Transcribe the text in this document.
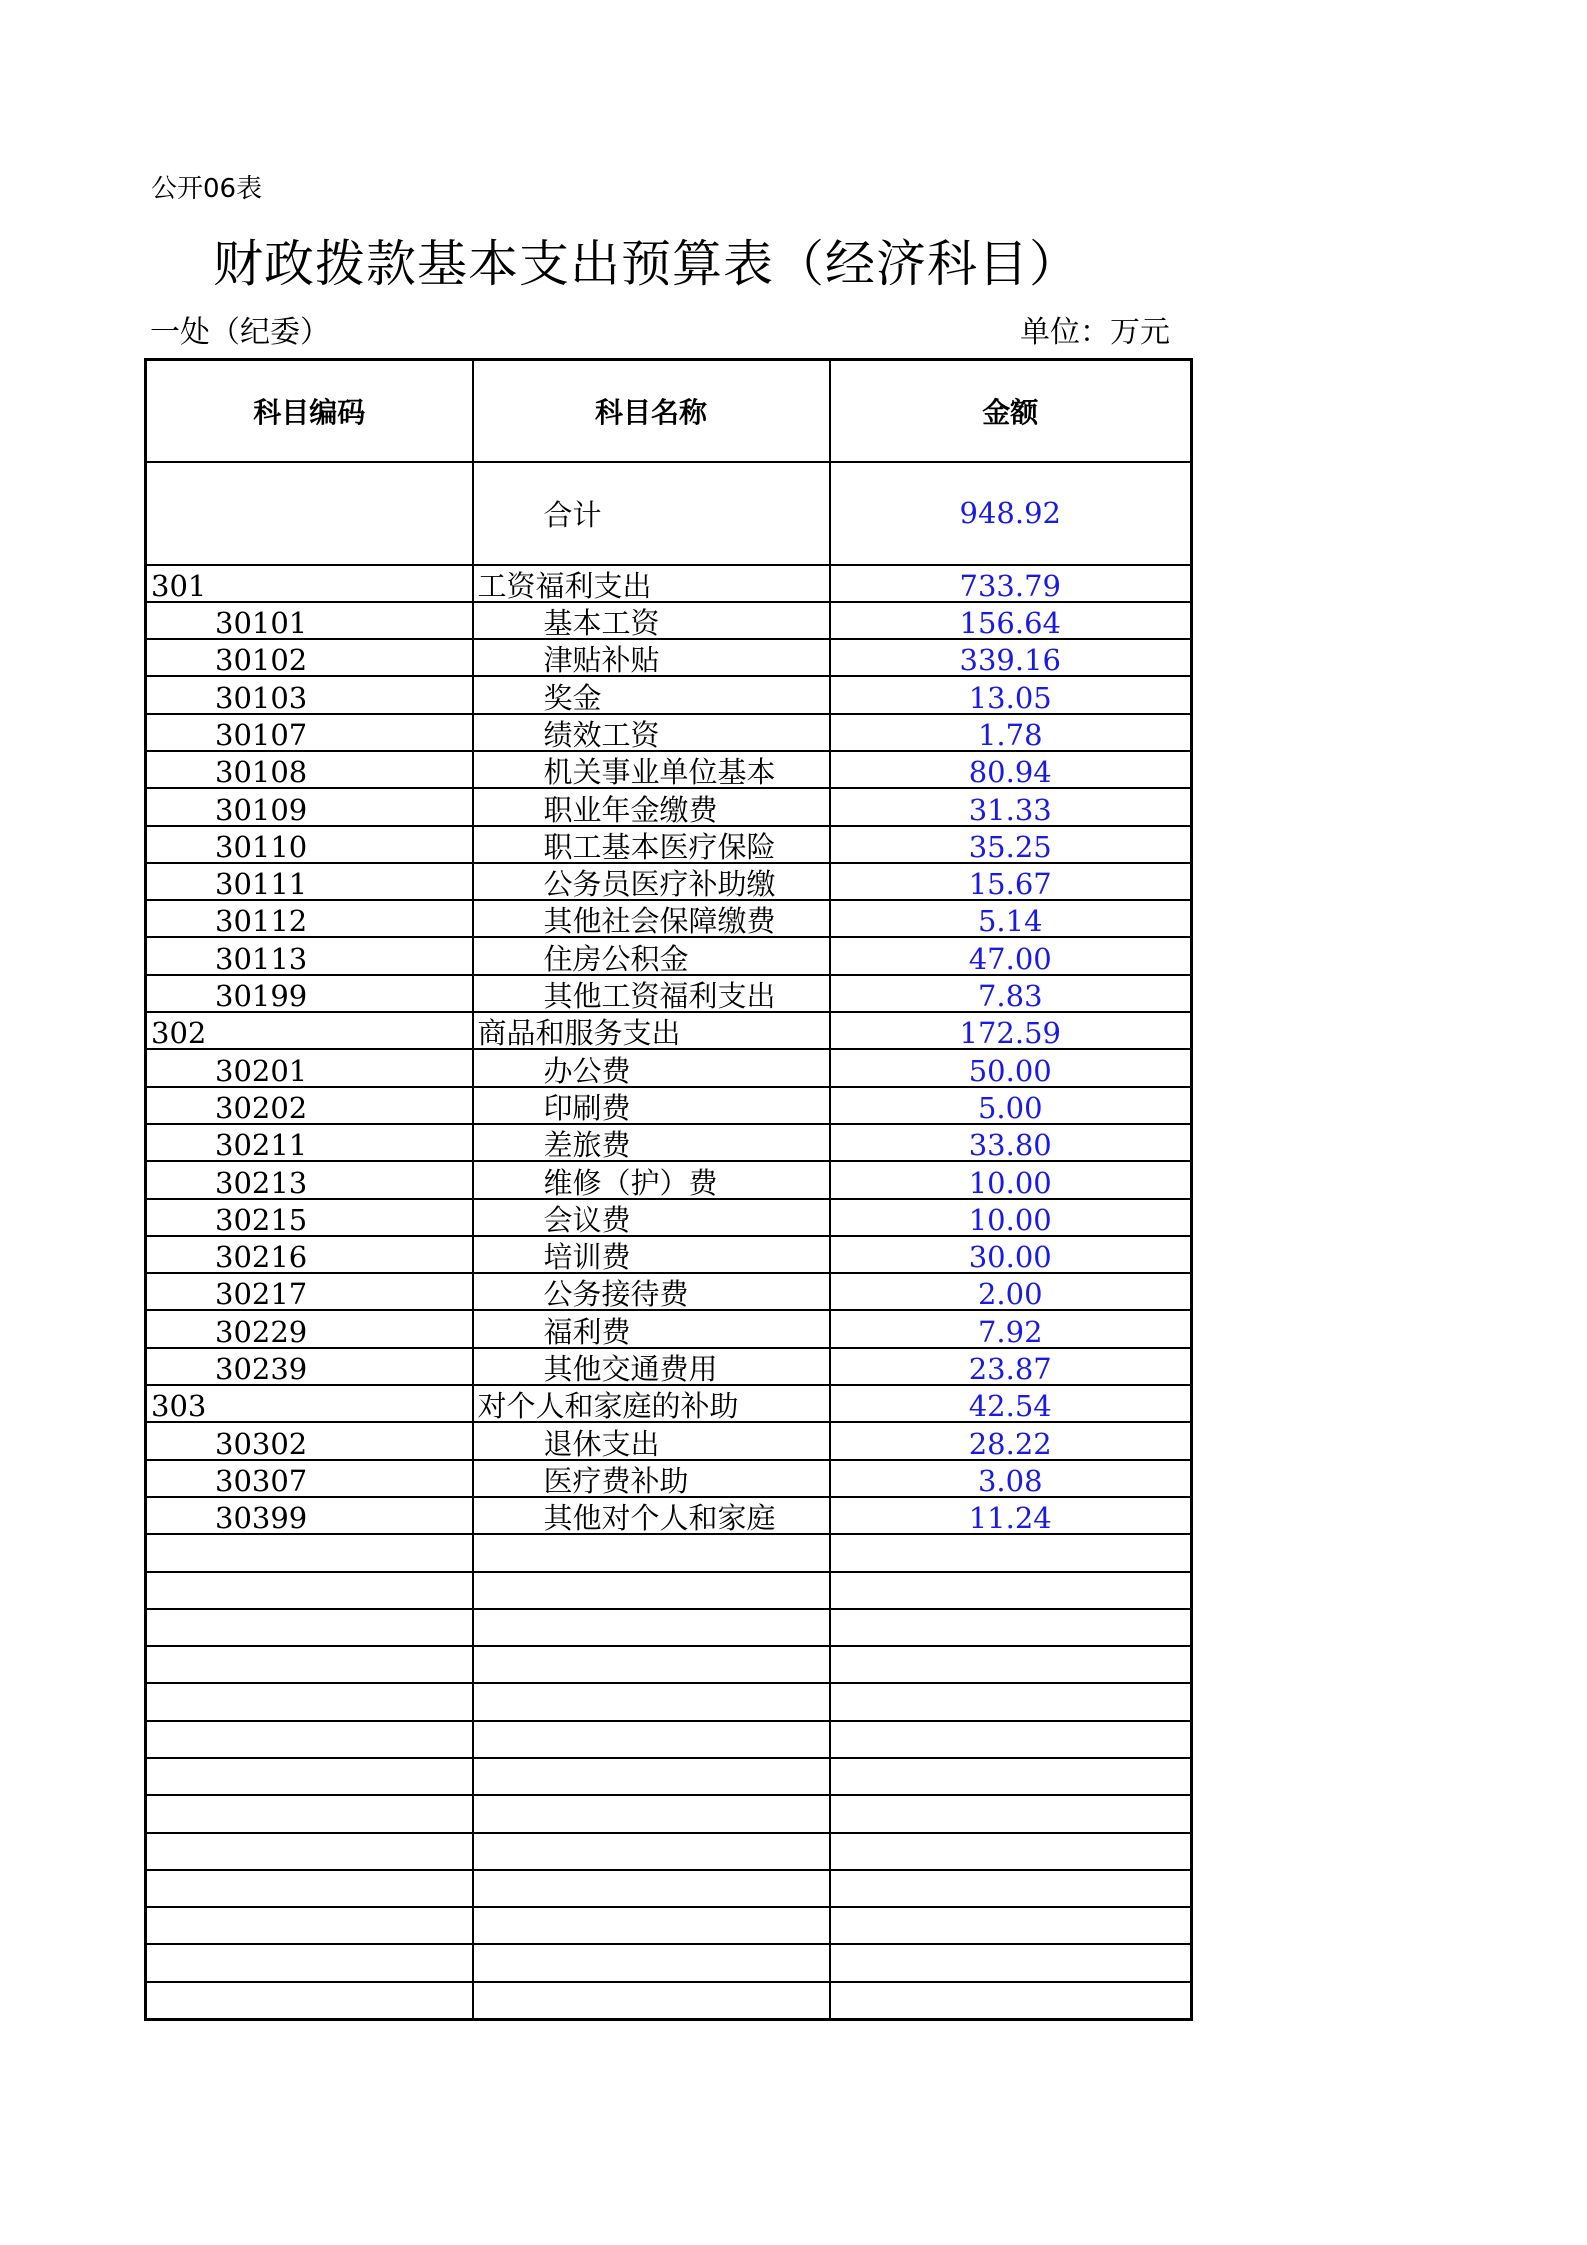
公开06表
财政拨款基本支出预算表（经济科目）
一处（纪委）	单位：万元
科目编码	科目名称	金额
	合计	948.92
301	工资福利支出	733.79
30101	基本工资	156.64
30102	津贴补贴	339.16
30103	奖金	13.05
30107	绩效工资	1.78
30108	机关事业单位基本	80.94
30109	职业年金缴费	31.33
30110	职工基本医疗保险	35.25
30111	公务员医疗补助缴	15.67
30112	其他社会保障缴费	5.14
30113	住房公积金	47.00
30199	其他工资福利支出	7.83
302	商品和服务支出	172.59
30201	办公费	50.00
30202	印刷费	5.00
30211	差旅费	33.80
30213	维修（护）费	10.00
30215	会议费	10.00
30216	培训费	30.00
30217	公务接待费	2.00
30229	福利费	7.92
30239	其他交通费用	23.87
303	对个人和家庭的补助	42.54
30302	退休支出	28.22
30307	医疗费补助	3.08
30399	其他对个人和家庭	11.24
